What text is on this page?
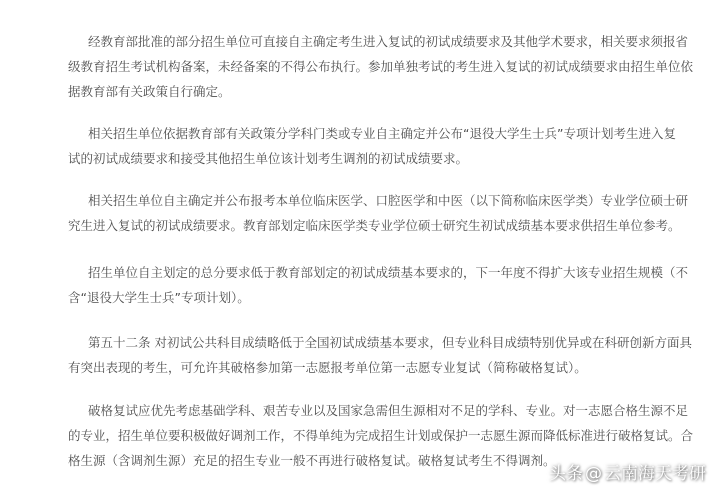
经教育部批准的部分招生单位可直接自主确定考生进入复试的初试成绩要求及其他学术要求，相关要求须报省
级教育招生考试机构备案，未经备案的不得公布执行。参加单独考试的考生进入复试的初试成绩要求由招生单位依
据教育部有关政策自行确定。
相关招生单位依据教育部有关政策分学科门类或专业自主确定并公布“退役大学生士兵”专项计划考生进入复
试的初试成绩要求和接受其他招生单位该计划考生调剂的初试成绩要求。
相关招生单位自主确定并公布报考本单位临床医学、口腔医学和中医（以下简称临床医学类）专业学位硕士研
究生进入复试的初试成绩要求。教育部划定临床医学类专业学位硕士研究生初试成绩基本要求供招生单位参考。
招生单位自主划定的总分要求低于教育部划定的初试成绩基本要求的，下一年度不得扩大该专业招生规模（不
含“退役大学生士兵”专项计划）。
第五十二条 对初试公共科目成绩略低于全国初试成绩基本要求，但专业科目成绩特别优异或在科研创新方面具
有突出表现的考生，可允许其破格参加第一志愿报考单位第一志愿专业复试（简称破格复试）。
破格复试应优先考虑基础学科、艰苦专业以及国家急需但生源相对不足的学科、专业。对一志愿合格生源不足
的专业，招生单位要积极做好调剂工作，不得单纯为完成招生计划或保护一志愿生源而降低标准进行破格复试。合
格生源（含调剂生源）充足的招生专业一般不再进行破格复试。破格复试考生不得调剂。
头条 @ 云南海天考研
